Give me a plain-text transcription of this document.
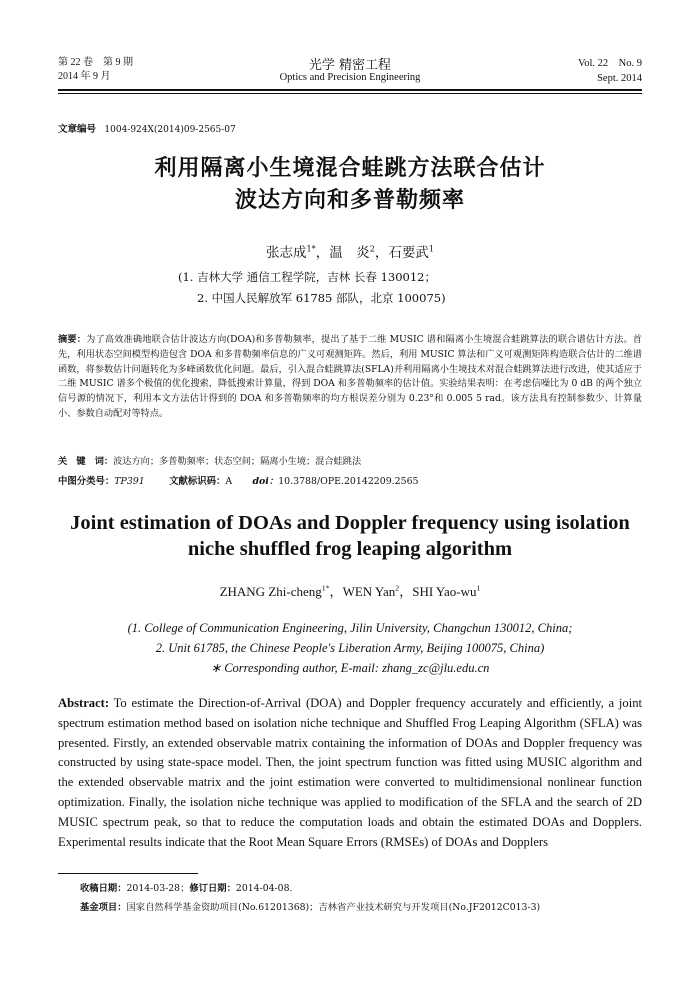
第 22 卷　第 9 期
2014 年 9 月
光学 精密工程
Optics and Precision Engineering
Vol. 22　No. 9
Sept. 2014
文章编号 1004-924X(2014)09-2565-07
利用隔离小生境混合蛙跳方法联合估计
波达方向和多普勒频率
张志成$^{1*}$，温　炎$^2$，石要武$^1$
(1. 吉林大学 通信工程学院，吉林 长春 130012；
2. 中国人民解放军 61785 部队，北京 100075)
摘要：为了高效准确地联合估计波达方向(DOA)和多普勒频率，提出了基于二维 MUSIC 谱和隔离小生境混合蛙跳算法的联合谱估计方法。首先，利用状态空间模型构造包含 DOA 和多普勒频率信息的广义可观测矩阵。然后，利用 MUSIC 算法和广义可观测矩阵构造联合估计的二维谱函数，将参数估计问题转化为多峰函数优化问题。最后，引入混合蛙跳算法(SFLA)并利用隔离小生境技术对混合蛙跳算法进行改进，使其适应于二维 MUSIC 谱多个极值的优化搜索，降低搜索计算量，得到 DOA 和多普勒频率的估计值。实验结果表明：在考虑信噪比为 0 dB 的两个独立信号源的情况下，利用本文方法估计得到的 DOA 和多普勒频率的均方根误差分别为 0.23°和 0.005 5 rad。该方法具有控制参数少、计算量小、参数自动配对等特点。
关　键　词：波达方向；多普勒频率；状态空间；隔离小生境；混合蛙跳法
中图分类号：TP391	文献标识码：A doi：10.3788/OPE.20142209.2565
Joint estimation of DOAs and Doppler frequency using isolation
niche shuffled frog leaping algorithm
ZHANG Zhi-cheng$^{1*}$，WEN Yan$^2$，SHI Yao-$wu^1$
(1. College of Communication Engineering, Jilin University, Changchun 130012, China;
2. Unit 61785, the Chinese People's Liberation Army, Beijing 100075, China)
∗ Corresponding author, E-mail: zhang_zc@jlu.edu.cn
Abstract: To estimate the Direction-of-Arrival (DOA) and Doppler frequency accurately and efficiently, a joint spectrum estimation method based on isolation niche technique and Shuffled Frog Leaping Algorithm (SFLA) was presented. Firstly, an extended observable matrix containing the information of DOAs and Doppler frequency was constructed by using state-space model. Then, the joint spectrum function was fitted using MUSIC algorithm and the extended observable matrix and the joint estimation were converted to multidimensional nonlinear function optimization. Finally, the isolation niche technique was applied to modification of the SFLA and the search of 2D MUSIC spectrum peak, so that to reduce the computation loads and obtain the estimated DOAs and Dopplers. Experimental results indicate that the Root Mean Square Errors (RMSEs) of DOAs and Dopplers
收稿日期：2014-03-28；修订日期：2014-04-08.
基金项目：国家自然科学基金资助项目(No.61201368)；吉林省产业技术研究与开发项目(No.JF2012C013-3)
